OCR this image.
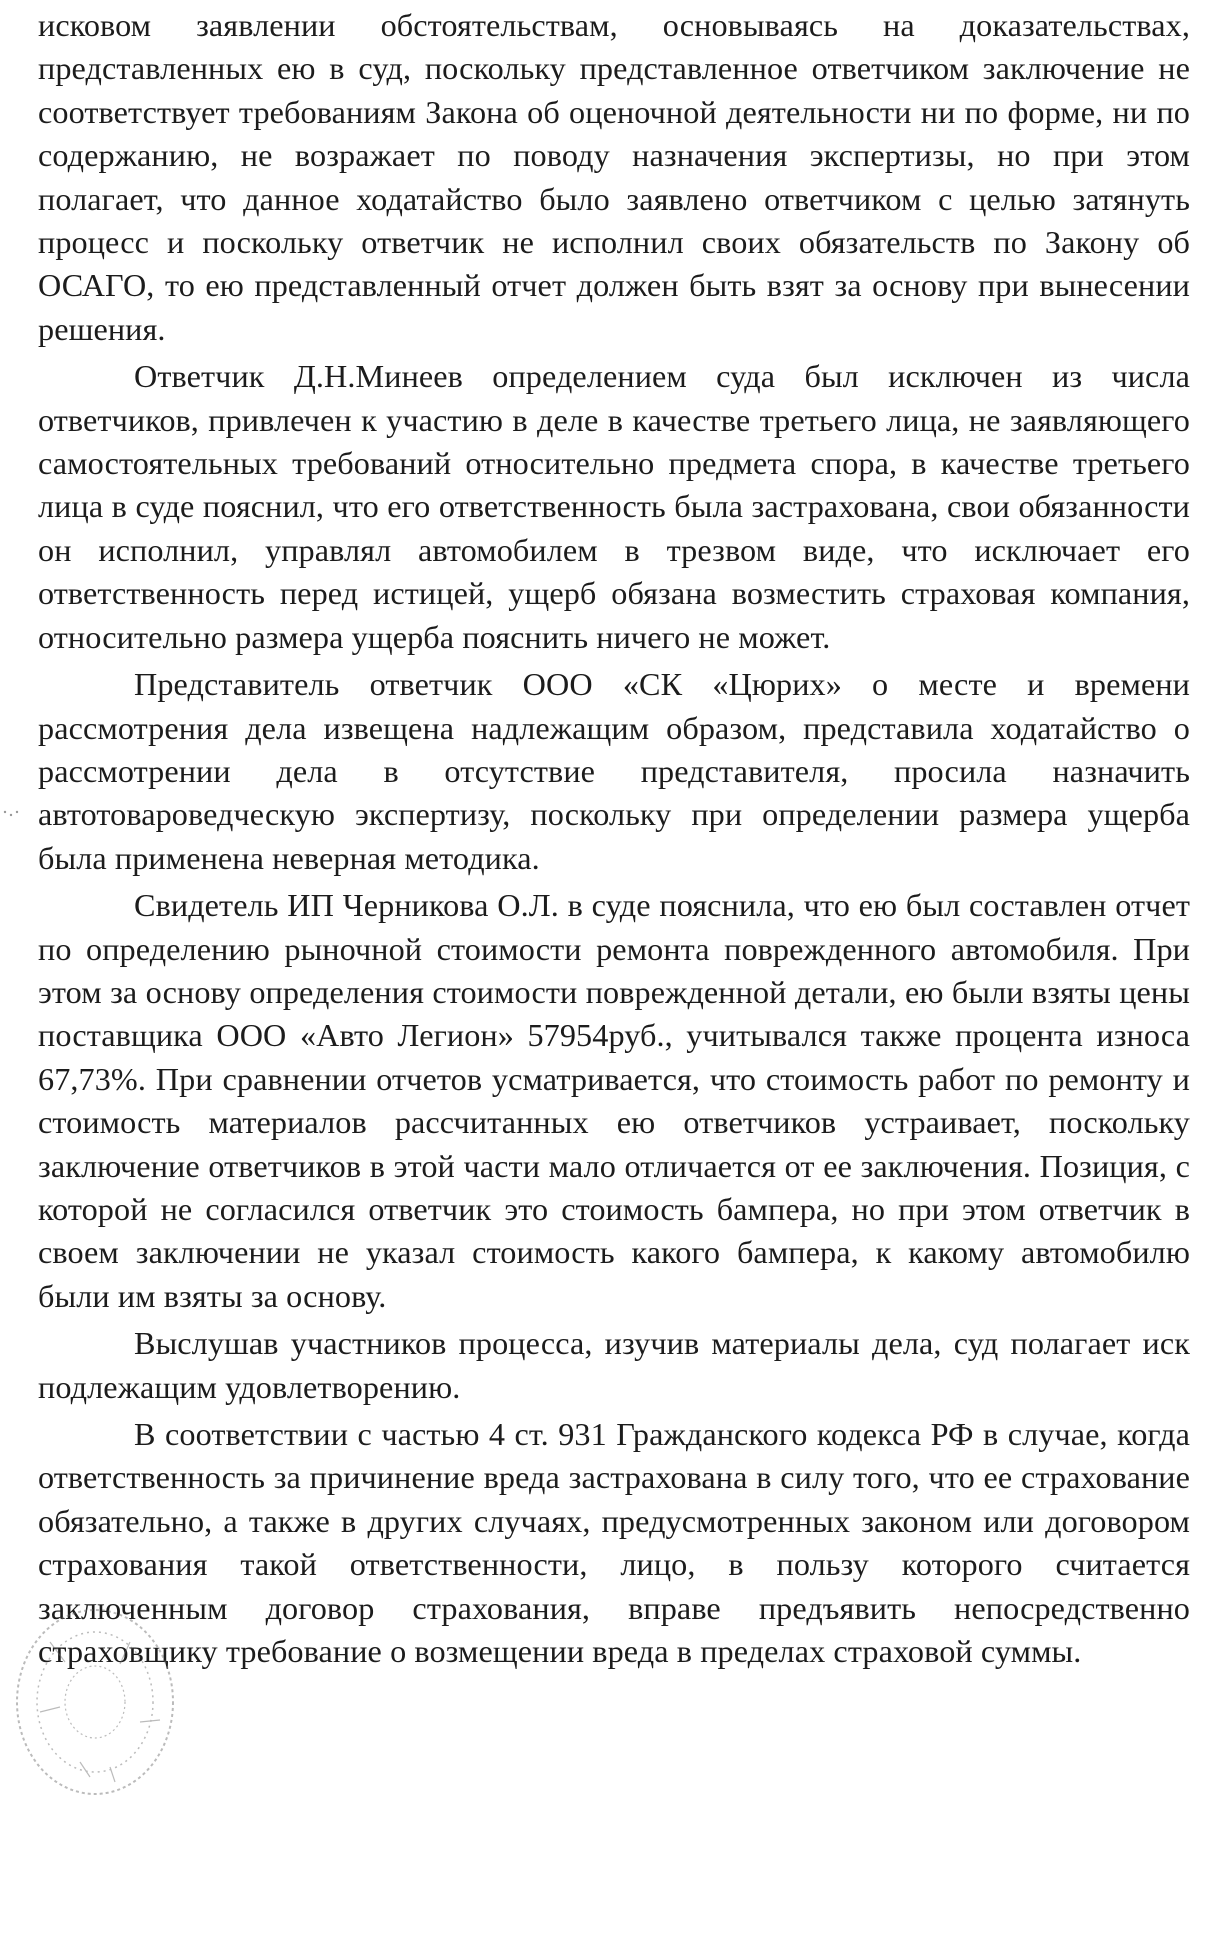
исковом заявлении обстоятельствам, основываясь на доказательствах, представленных ею в суд, поскольку представленное ответчиком заключение не соответствует требованиям Закона об оценочной деятельности ни по форме, ни по содержанию, не возражает по поводу назначения экспертизы, но при этом полагает, что данное ходатайство было заявлено ответчиком с целью затянуть процесс и поскольку ответчик не исполнил своих обязательств по Закону об ОСАГО, то ею представленный отчет должен быть взят за основу при вынесении решения.

Ответчик Д.Н.Минеев определением суда был исключен из числа ответчиков, привлечен к участию в деле в качестве третьего лица, не заявляющего самостоятельных требований относительно предмета спора, в качестве третьего лица в суде пояснил, что его ответственность была застрахована, свои обязанности он исполнил, управлял автомобилем в трезвом виде, что исключает его ответственность перед истицей, ущерб обязана возместить страховая компания, относительно размера ущерба пояснить ничего не может.

Представитель ответчик ООО «СК «Цюрих» о месте и времени рассмотрения дела извещена надлежащим образом, представила ходатайство о рассмотрении дела в отсутствие представителя, просила назначить автотовароведческую экспертизу, поскольку при определении размера ущерба была применена неверная методика.

Свидетель ИП Черникова О.Л. в суде пояснила, что ею был составлен отчет по определению рыночной стоимости ремонта поврежденного автомобиля. При этом за основу определения стоимости поврежденной детали, ею были взяты цены поставщика ООО «Авто Легион» 57954руб., учитывался также процента износа 67,73%. При сравнении отчетов усматривается, что стоимость работ по ремонту и стоимость материалов рассчитанных ею ответчиков устраивает, поскольку заключение ответчиков в этой части мало отличается от ее заключения. Позиция, с которой не согласился ответчик это стоимость бампера, но при этом ответчик в своем заключении не указал стоимость какого бампера, к какому автомобилю были им взяты за основу.

Выслушав участников процесса, изучив материалы дела, суд полагает иск подлежащим удовлетворению.

В соответствии с частью 4 ст. 931 Гражданского кодекса РФ в случае, когда ответственность за причинение вреда застрахована в силу того, что ее страхование обязательно, а также в других случаях, предусмотренных законом или договором страхования такой ответственности, лицо, в пользу которого считается заключенным договор страхования, вправе предъявить непосредственно страховщику требование о возмещении вреда в пределах страховой суммы.
